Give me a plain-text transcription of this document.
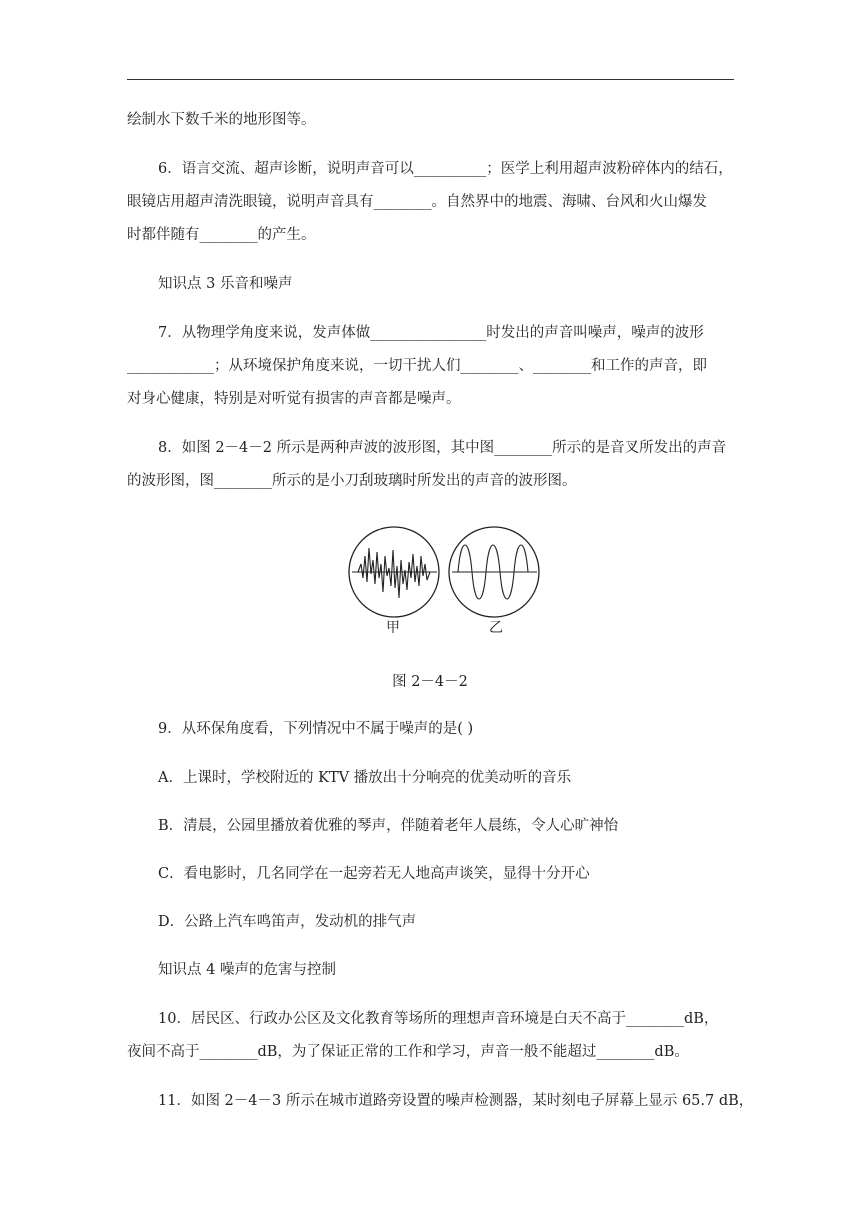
绘制水下数千米的地形图等。

6．语言交流、超声诊断，说明声音可以__________；医学上利用超声波粉碎体内的结石，

眼镜店用超声清洗眼镜，说明声音具有________。自然界中的地震、海啸、台风和火山爆发

时都伴随有________的产生。

知识点 3 乐音和噪声

7．从物理学角度来说，发声体做________________时发出的声音叫噪声，噪声的波形

____________；从环境保护角度来说，一切干扰人们________、________和工作的声音，即

对身心健康，特别是对听觉有损害的声音都是噪声。

8．如图 2－4－2 所示是两种声波的波形图，其中图________所示的是音叉所发出的声音

的波形图，图________所示的是小刀刮玻璃时所发出的声音的波形图。

甲	乙
图 2－4－2

9．从环保角度看，下列情况中不属于噪声的是( )

A．上课时，学校附近的 KTV 播放出十分响亮的优美动听的音乐

B．清晨，公园里播放着优雅的琴声，伴随着老年人晨练，令人心旷神怡

C．看电影时，几名同学在一起旁若无人地高声谈笑，显得十分开心

D．公路上汽车鸣笛声，发动机的排气声

知识点 4 噪声的危害与控制

10．居民区、行政办公区及文化教育等场所的理想声音环境是白天不高于________dB，

夜间不高于________dB，为了保证正常的工作和学习，声音一般不能超过________dB。

11．如图 2－4－3 所示在城市道路旁设置的噪声检测器，某时刻电子屏幕上显示 65.7 dB，
